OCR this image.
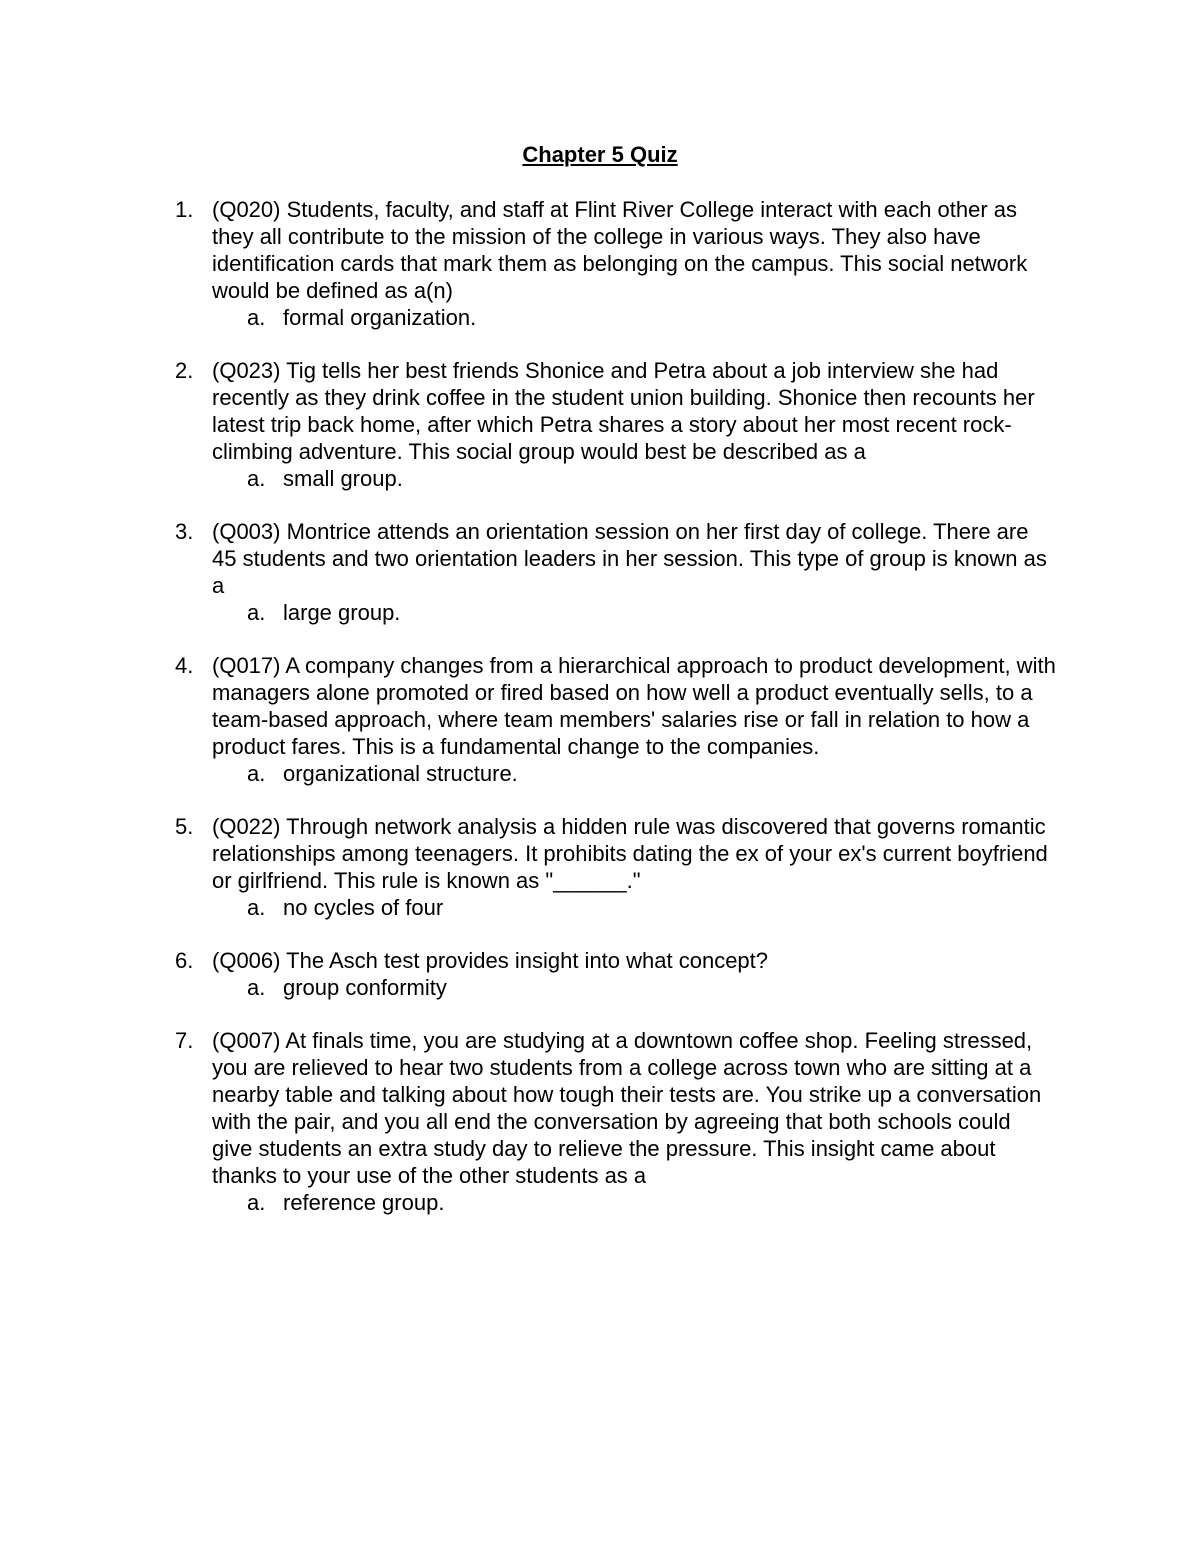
Chapter 5 Quiz
1. (Q020) Students, faculty, and staff at Flint River College interact with each other as they all contribute to the mission of the college in various ways. They also have identification cards that mark them as belonging on the campus. This social network would be defined as a(n)
a. formal organization.
2. (Q023) Tig tells her best friends Shonice and Petra about a job interview she had recently as they drink coffee in the student union building. Shonice then recounts her latest trip back home, after which Petra shares a story about her most recent rock-climbing adventure. This social group would best be described as a
a. small group.
3. (Q003) Montrice attends an orientation session on her first day of college. There are 45 students and two orientation leaders in her session. This type of group is known as a
a. large group.
4. (Q017) A company changes from a hierarchical approach to product development, with managers alone promoted or fired based on how well a product eventually sells, to a team-based approach, where team members' salaries rise or fall in relation to how a product fares. This is a fundamental change to the companies.
a. organizational structure.
5. (Q022) Through network analysis a hidden rule was discovered that governs romantic relationships among teenagers. It prohibits dating the ex of your ex's current boyfriend or girlfriend. This rule is known as "______."
a. no cycles of four
6. (Q006) The Asch test provides insight into what concept?
a. group conformity
7. (Q007) At finals time, you are studying at a downtown coffee shop. Feeling stressed, you are relieved to hear two students from a college across town who are sitting at a nearby table and talking about how tough their tests are. You strike up a conversation with the pair, and you all end the conversation by agreeing that both schools could give students an extra study day to relieve the pressure. This insight came about thanks to your use of the other students as a
a. reference group.
